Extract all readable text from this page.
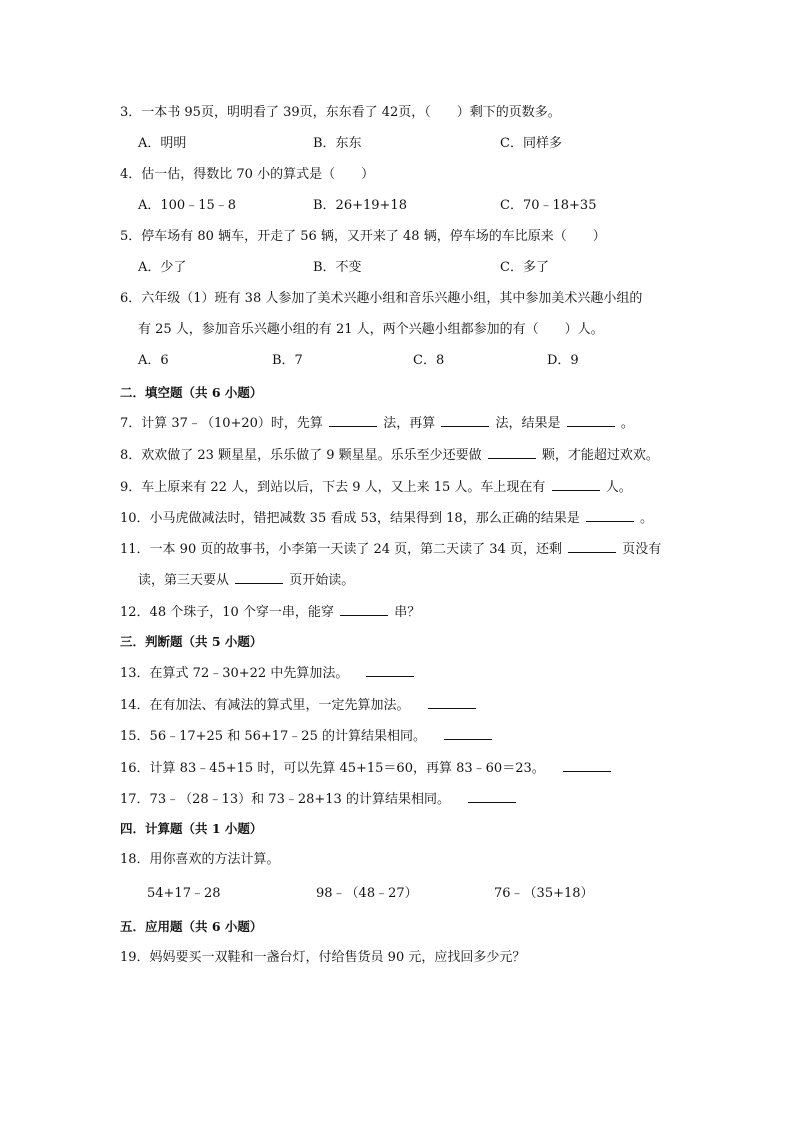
3．一本书 95页，明明看了 39页，东东看了 42页，（　　）剩下的页数多。
A．明明	B．东东	C．同样多
4．估一估，得数比 70 小的算式是（　　）
A．100﹣15﹣8	B．26+19+18	C．70﹣18+35
5．停车场有 80 辆车，开走了 56 辆，又开来了 48 辆，停车场的车比原来（　　）
A．少了	B．不变	C．多了
6．六年级（1）班有 38 人参加了美术兴趣小组和音乐兴趣小组，其中参加美术兴趣小组的
有 25 人，参加音乐兴趣小组的有 21 人，两个兴趣小组都参加的有（　　）人。
A．6	B．7	C．8	D．9
二．填空题（共 6 小题）
7．计算 37﹣（10+20）时，先算	法，再算	法，结果是	。
8．欢欢做了 23 颗星星，乐乐做了 9 颗星星。乐乐至少还要做	颗，才能超过欢欢。
9．车上原来有 22 人，到站以后，下去 9 人，又上来 15 人。车上现在有	人。
10．小马虎做减法时，错把减数 35 看成 53，结果得到 18，那么正确的结果是	。
11．一本 90 页的故事书，小李第一天读了 24 页，第二天读了 34 页，还剩	页没有
读，第三天要从	页开始读。
12．48 个珠子，10 个穿一串，能穿	串？
三．判断题（共 5 小题）
13．在算式 72﹣30+22 中先算加法。
14．在有加法、有减法的算式里，一定先算加法。
15．56﹣17+25 和 56+17﹣25 的计算结果相同。
16．计算 83﹣45+15 时，可以先算 45+15＝60，再算 83﹣60＝23。
17．73﹣（28﹣13）和 73﹣28+13 的计算结果相同。
四．计算题（共 1 小题）
18．用你喜欢的方法计算。
54+17﹣28	98﹣（48﹣27）	76﹣（35+18）
五．应用题（共 6 小题）
19．妈妈要买一双鞋和一盏台灯，付给售货员 90 元，应找回多少元？
